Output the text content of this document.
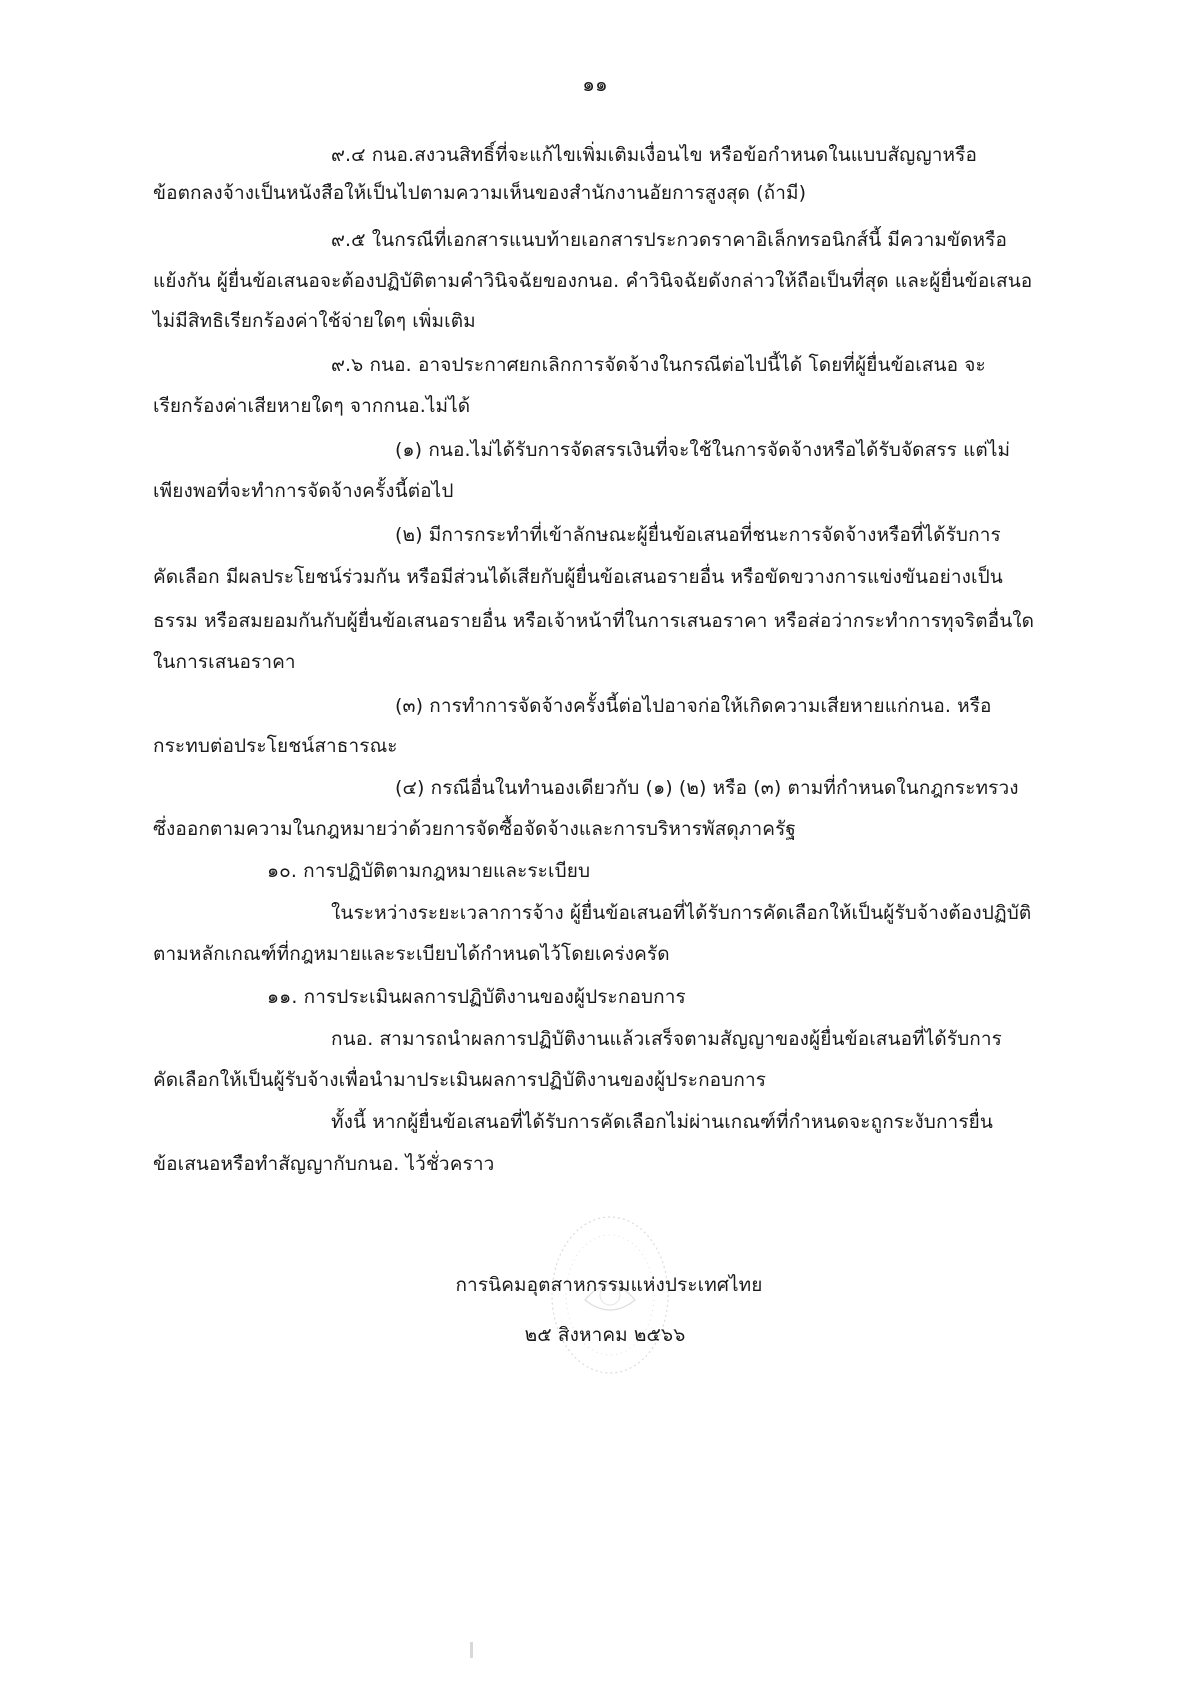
๑๑
๙.๔ กนอ.สงวนสิทธิ์ที่จะแก้ไขเพิ่มเติมเงื่อนไข หรือข้อกำหนดในแบบสัญญาหรือ
ข้อตกลงจ้างเป็นหนังสือให้เป็นไปตามความเห็นของสำนักงานอัยการสูงสุด (ถ้ามี)
๙.๕ ในกรณีที่เอกสารแนบท้ายเอกสารประกวดราคาอิเล็กทรอนิกส์นี้ มีความขัดหรือ
แย้งกัน ผู้ยื่นข้อเสนอจะต้องปฏิบัติตามคำวินิจฉัยของกนอ. คำวินิจฉัยดังกล่าวให้ถือเป็นที่สุด และผู้ยื่นข้อเสนอ
ไม่มีสิทธิเรียกร้องค่าใช้จ่ายใดๆ เพิ่มเติม
๙.๖ กนอ. อาจประกาศยกเลิกการจัดจ้างในกรณีต่อไปนี้ได้ โดยที่ผู้ยื่นข้อเสนอ จะ
เรียกร้องค่าเสียหายใดๆ จากกนอ.ไม่ได้
(๑) กนอ.ไม่ได้รับการจัดสรรเงินที่จะใช้ในการจัดจ้างหรือได้รับจัดสรร แต่ไม่
เพียงพอที่จะทำการจัดจ้างครั้งนี้ต่อไป
(๒) มีการกระทำที่เข้าลักษณะผู้ยื่นข้อเสนอที่ชนะการจัดจ้างหรือที่ได้รับการ
คัดเลือก มีผลประโยชน์ร่วมกัน หรือมีส่วนได้เสียกับผู้ยื่นข้อเสนอรายอื่น หรือขัดขวางการแข่งขันอย่างเป็น
ธรรม หรือสมยอมกันกับผู้ยื่นข้อเสนอรายอื่น หรือเจ้าหน้าที่ในการเสนอราคา หรือส่อว่ากระทำการทุจริตอื่นใด
ในการเสนอราคา
(๓) การทำการจัดจ้างครั้งนี้ต่อไปอาจก่อให้เกิดความเสียหายแก่กนอ. หรือ
กระทบต่อประโยชน์สาธารณะ
(๔) กรณีอื่นในทำนองเดียวกับ (๑) (๒) หรือ (๓) ตามที่กำหนดในกฎกระทรวง
ซึ่งออกตามความในกฎหมายว่าด้วยการจัดซื้อจัดจ้างและการบริหารพัสดุภาครัฐ
๑๐. การปฏิบัติตามกฎหมายและระเบียบ
ในระหว่างระยะเวลาการจ้าง ผู้ยื่นข้อเสนอที่ได้รับการคัดเลือกให้เป็นผู้รับจ้างต้องปฏิบัติ
ตามหลักเกณฑ์ที่กฎหมายและระเบียบได้กำหนดไว้โดยเคร่งครัด
๑๑. การประเมินผลการปฏิบัติงานของผู้ประกอบการ
กนอ. สามารถนำผลการปฏิบัติงานแล้วเสร็จตามสัญญาของผู้ยื่นข้อเสนอที่ได้รับการ
คัดเลือกให้เป็นผู้รับจ้างเพื่อนำมาประเมินผลการปฏิบัติงานของผู้ประกอบการ
ทั้งนี้ หากผู้ยื่นข้อเสนอที่ได้รับการคัดเลือกไม่ผ่านเกณฑ์ที่กำหนดจะถูกระงับการยื่น
ข้อเสนอหรือทำสัญญากับกนอ. ไว้ชั่วคราว
การนิคมอุตสาหกรรมแห่งประเทศไทย
๒๕ สิงหาคม ๒๕๖๖
